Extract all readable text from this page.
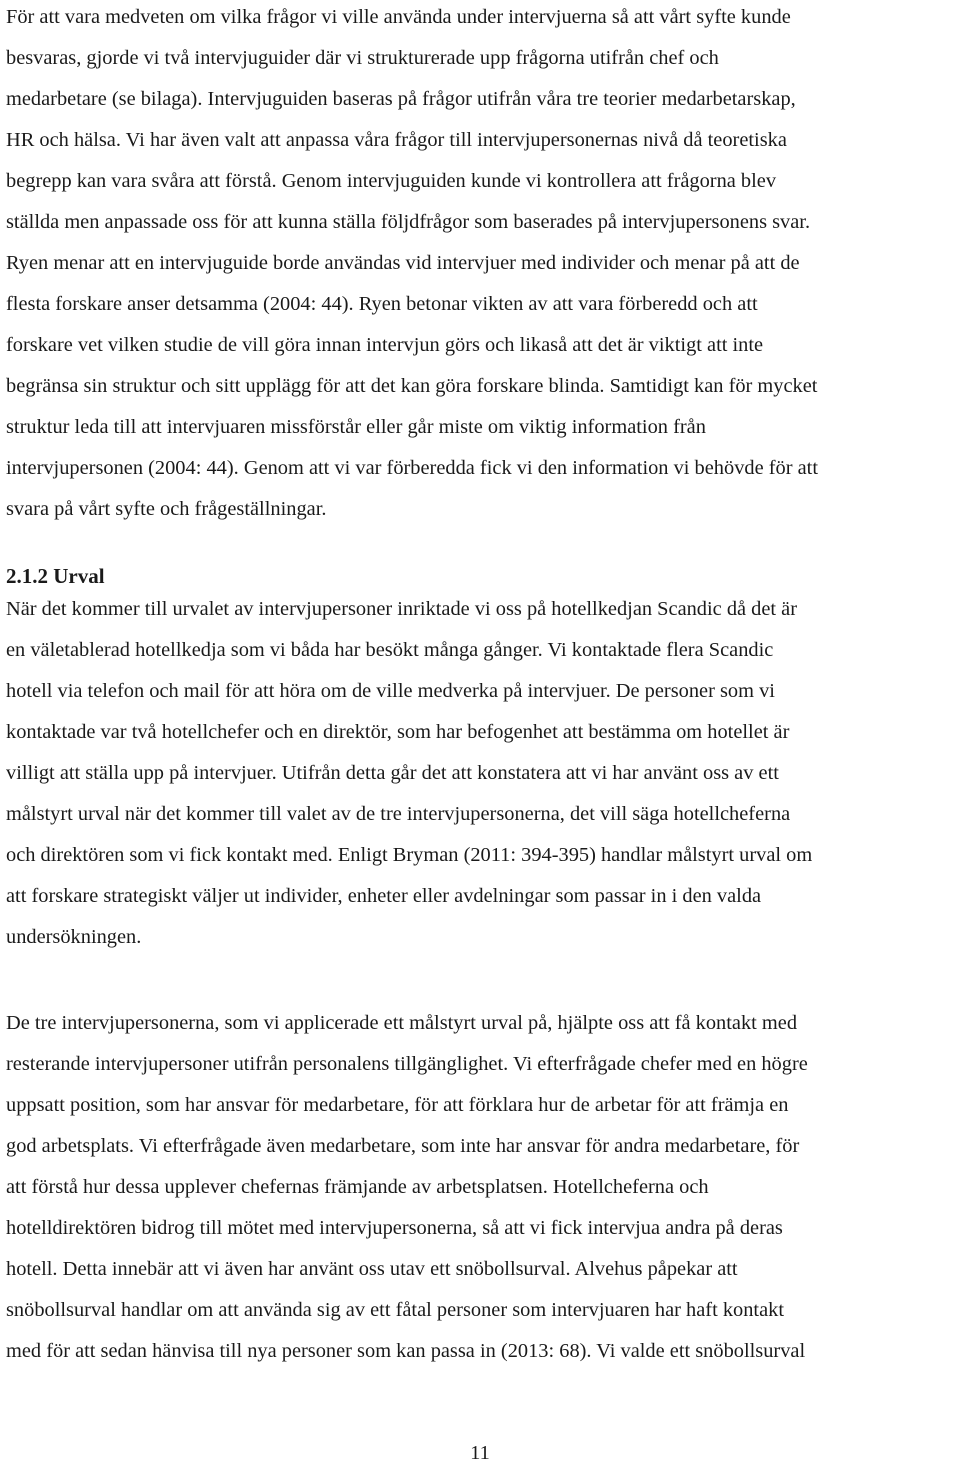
För att vara medveten om vilka frågor vi ville använda under intervjuerna så att vårt syfte kunde
besvaras, gjorde vi två intervjuguider där vi strukturerade upp frågorna utifrån chef och
medarbetare (se bilaga). Intervjuguiden baseras på frågor utifrån våra tre teorier medarbetarskap,
HR och hälsa. Vi har även valt att anpassa våra frågor till intervjupersonernas nivå då teoretiska
begrepp kan vara svåra att förstå. Genom intervjuguiden kunde vi kontrollera att frågorna blev
ställda men anpassade oss för att kunna ställa följdfrågor som baserades på intervjupersonens svar.
Ryen menar att en intervjuguide borde användas vid intervjuer med individer och menar på att de
flesta forskare anser detsamma (2004: 44). Ryen betonar vikten av att vara förberedd och att
forskare vet vilken studie de vill göra innan intervjun görs och likaså att det är viktigt att inte
begränsa sin struktur och sitt upplägg för att det kan göra forskare blinda. Samtidigt kan för mycket
struktur leda till att intervjuaren missförstår eller går miste om viktig information från
intervjupersonen (2004: 44). Genom att vi var förberedda fick vi den information vi behövde för att
svara på vårt syfte och frågeställningar.
2.1.2 Urval
När det kommer till urvalet av intervjupersoner inriktade vi oss på hotellkedjan Scandic då det är
en väletablerad hotellkedja som vi båda har besökt många gånger. Vi kontaktade flera Scandic
hotell via telefon och mail för att höra om de ville medverka på intervjuer. De personer som vi
kontaktade var två hotellchefer och en direktör, som har befogenhet att bestämma om hotellet är
villigt att ställa upp på intervjuer. Utifrån detta går det att konstatera att vi har använt oss av ett
målstyrt urval när det kommer till valet av de tre intervjupersonerna, det vill säga hotellcheferna
och direktören som vi fick kontakt med. Enligt Bryman (2011: 394-395) handlar målstyrt urval om
att forskare strategiskt väljer ut individer, enheter eller avdelningar som passar in i den valda
undersökningen.
De tre intervjupersonerna, som vi applicerade ett målstyrt urval på, hjälpte oss att få kontakt med
resterande intervjupersoner utifrån personalens tillgänglighet. Vi efterfrågade chefer med en högre
uppsatt position, som har ansvar för medarbetare, för att förklara hur de arbetar för att främja en
god arbetsplats. Vi efterfrågade även medarbetare, som inte har ansvar för andra medarbetare, för
att förstå hur dessa upplever chefernas främjande av arbetsplatsen. Hotellcheferna och
hotelldirektören bidrog till mötet med intervjupersonerna, så att vi fick intervjua andra på deras
hotell. Detta innebär att vi även har använt oss utav ett snöbollsurval. Alvehus påpekar att
snöbollsurval handlar om att använda sig av ett fåtal personer som intervjuaren har haft kontakt
med för att sedan hänvisa till nya personer som kan passa in (2013: 68). Vi valde ett snöbollsurval
11
